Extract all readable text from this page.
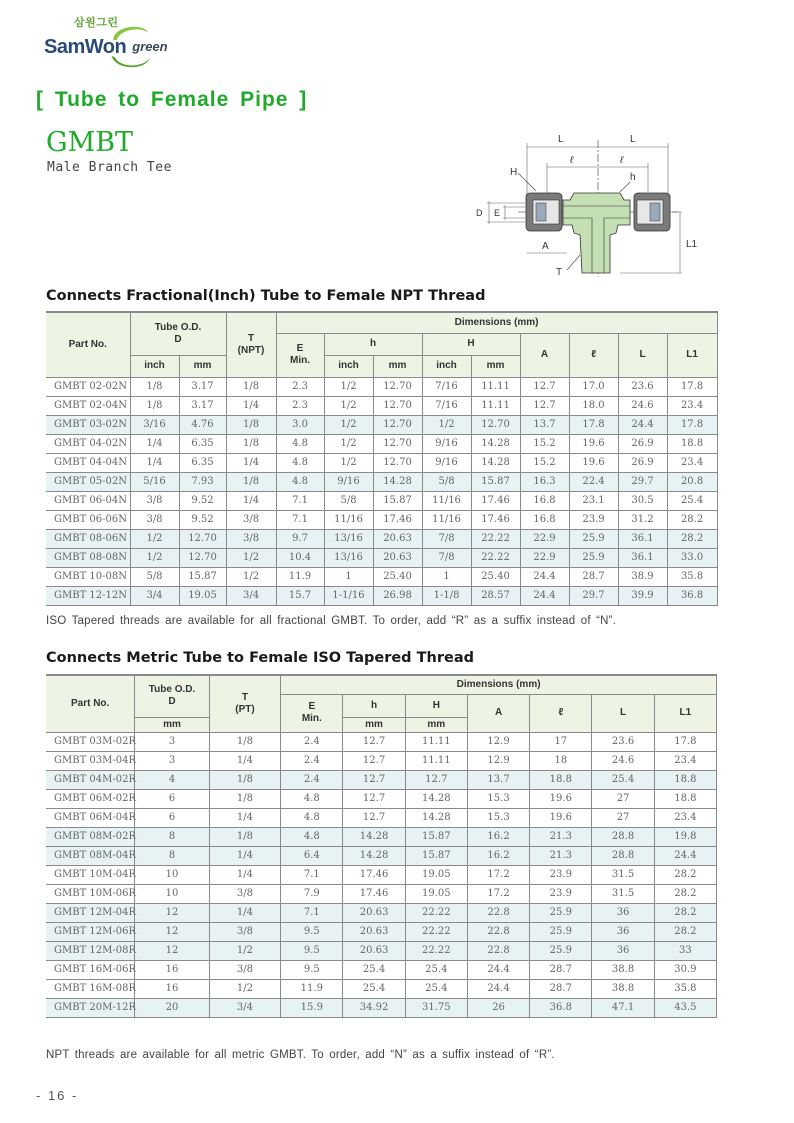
삼원그린
SamWon green
[ Tube to Female Pipe ]
GMBT
Male Branch Tee
L	L
ℓ	ℓ
H	h
D E
A
T
L1
Connects Fractional(Inch) Tube to Female NPT Thread
Part No.	Tube O.D.
D		T
(NPT)	Dimensions (mm)								
				E
Min.	h		H		A	ℓ	L	L1
	inch	mm			inch	mm	inch	mm				
GMBT 02-02N	1/8	3.17	1/8	2.3	1/2	12.70	7/16	11.11	12.7	17.0	23.6	17.8
GMBT 02-04N	1/8	3.17	1/4	2.3	1/2	12.70	7/16	11.11	12.7	18.0	24.6	23.4
GMBT 03-02N	3/16	4.76	1/8	3.0	1/2	12.70	1/2	12.70	13.7	17.8	24.4	17.8
GMBT 04-02N	1/4	6.35	1/8	4.8	1/2	12.70	9/16	14.28	15.2	19.6	26.9	18.8
GMBT 04-04N	1/4	6.35	1/4	4.8	1/2	12.70	9/16	14.28	15.2	19.6	26.9	23.4
GMBT 05-02N	5/16	7.93	1/8	4.8	9/16	14.28	5/8	15.87	16.3	22.4	29.7	20.8
GMBT 06-04N	3/8	9.52	1/4	7.1	5/8	15.87	11/16	17.46	16.8	23.1	30.5	25.4
GMBT 06-06N	3/8	9.52	3/8	7.1	11/16	17.46	11/16	17.46	16.8	23.9	31.2	28.2
GMBT 08-06N	1/2	12.70	3/8	9.7	13/16	20.63	7/8	22.22	22.9	25.9	36.1	28.2
GMBT 08-08N	1/2	12.70	1/2	10.4	13/16	20.63	7/8	22.22	22.9	25.9	36.1	33.0
GMBT 10-08N	5/8	15.87	1/2	11.9	1	25.40	1	25.40	24.4	28.7	38.9	35.8
GMBT 12-12N	3/4	19.05	3/4	15.7	1-1/16	26.98	1-1/8	28.57	24.4	29.7	39.9	36.8
ISO Tapered threads are available for all fractional GMBT. To order, add “R” as a suffix instead of “N”.
Connects Metric Tube to Female ISO Tapered Thread
Part No.	Tube O.D.
D	T
(PT)	Dimensions (mm)						
			E
Min.	h	H	A	ℓ	L	L1
	mm			mm	mm				
GMBT 03M-02R	3	1/8	2.4	12.7	11.11	12.9	17	23.6	17.8
GMBT 03M-04R	3	1/4	2.4	12.7	11.11	12.9	18	24.6	23.4
GMBT 04M-02R	4	1/8	2.4	12.7	12.7	13.7	18.8	25.4	18.8
GMBT 06M-02R	6	1/8	4.8	12.7	14.28	15.3	19.6	27	18.8
GMBT 06M-04R	6	1/4	4.8	12.7	14.28	15.3	19.6	27	23.4
GMBT 08M-02R	8	1/8	4.8	14.28	15.87	16.2	21.3	28.8	19.8
GMBT 08M-04R	8	1/4	6.4	14.28	15.87	16.2	21.3	28.8	24.4
GMBT 10M-04R	10	1/4	7.1	17.46	19.05	17.2	23.9	31.5	28.2
GMBT 10M-06R	10	3/8	7.9	17.46	19.05	17.2	23.9	31.5	28.2
GMBT 12M-04R	12	1/4	7.1	20.63	22.22	22.8	25.9	36	28.2
GMBT 12M-06R	12	3/8	9.5	20.63	22.22	22.8	25.9	36	28.2
GMBT 12M-08R	12	1/2	9.5	20.63	22.22	22.8	25.9	36	33
GMBT 16M-06R	16	3/8	9.5	25.4	25.4	24.4	28.7	38.8	30.9
GMBT 16M-08R	16	1/2	11.9	25.4	25.4	24.4	28.7	38.8	35.8
GMBT 20M-12R	20	3/4	15.9	34.92	31.75	26	36.8	47.1	43.5
NPT threads are available for all metric GMBT. To order, add “N” as a suffix instead of “R”.
- 16 -
